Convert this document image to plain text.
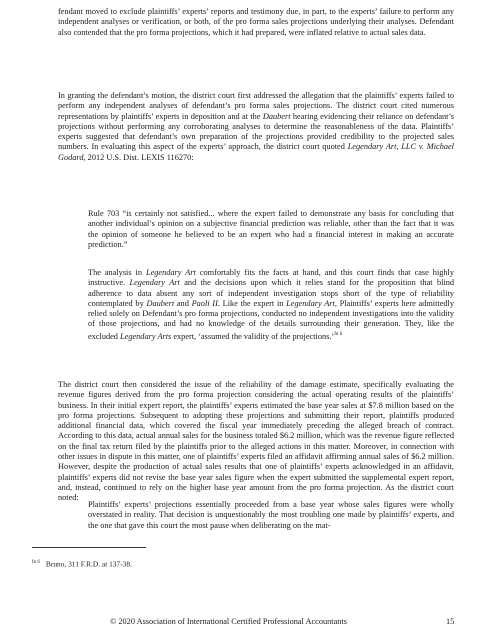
fendant moved to exclude plaintiffs’ experts’ reports and testimony due, in part, to the experts’ failure to perform any independent analyses or verification, or both, of the pro forma sales projections underlying their analyses. Defendant also contended that the pro forma projections, which it had prepared, were inflated relative to actual sales data.

In granting the defendant’s motion, the district court first addressed the allegation that the plaintiffs’ experts failed to perform any independent analyses of defendant’s pro forma sales projections. The district court cited numerous representations by plaintiffs’ experts in deposition and at the Daubert hearing evidencing their reliance on defendant’s projections without performing any corroborating analyses to determine the reasonableness of the data. Plaintiffs’ experts suggested that defendant’s own preparation of the projections provided credibility to the projected sales numbers. In evaluating this aspect of the experts’ approach, the district court quoted Legendary Art, LLC v. Michael Godard, 2012 U.S. Dist. LEXIS 116270:

Rule 703 “is certainly not satisfied... where the expert failed to demonstrate any basis for concluding that another individual’s opinion on a subjective financial prediction was reliable, other than the fact that it was the opinion of someone he believed to be an expert who had a financial interest in making an accurate prediction.”

The analysis in Legendary Art comfortably fits the facts at hand, and this court finds that case highly instructive. Legendary Art and the decisions upon which it relies stand for the proposition that blind adherence to data absent any sort of independent investigation stops short of the type of reliability contemplated by Daubert and Paoli II. Like the expert in Legendary Art, Plaintiffs’ experts here admittedly relied solely on Defendant’s pro forma projections, conducted no independent investigations into the validity of those projections, and had no knowledge of the details surrounding their generation. They, like the excluded Legendary Arts expert, ‘assumed the validity of the projections.’$^{fn 6}$

The district court then considered the issue of the reliability of the damage estimate, specifically evaluating the revenue figures derived from the pro forma projection considering the actual operating results of the plaintiffs’ business. In their initial expert report, the plaintiffs’ experts estimated the base year sales at $7.8 million based on the pro forma projections. Subsequent to adopting these projections and submitting their report, plaintiffs produced additional financial data, which covered the fiscal year immediately preceding the alleged breach of contract. According to this data, actual annual sales for the business totaled $6.2 million, which was the revenue figure reflected on the final tax return filed by the plaintiffs prior to the alleged actions in this matter. Moreover, in connection with other issues in dispute in this matter, one of plaintiffs’ experts filed an affidavit affirming annual sales of $6.2 million. However, despite the production of actual sales results that one of plaintiffs’ experts acknowledged in an affidavit, plaintiffs’ experts did not revise the base year sales figure when the expert submitted the supplemental expert report, and, instead, continued to rely on the higher base year amount from the pro forma projection. As the district court noted:

Plaintiffs’ experts’ projections essentially proceeded from a base year whose sales figures were wholly overstated in reality. That decision is unquestionably the most troubling one made by plaintiffs’ experts, and the one that gave this court the most pause when deliberating on the mat-

$^{fn 6}$ Bruno, 311 F.R.D. at 137-38.
© 2020 Association of International Certified Professional Accountants	15
